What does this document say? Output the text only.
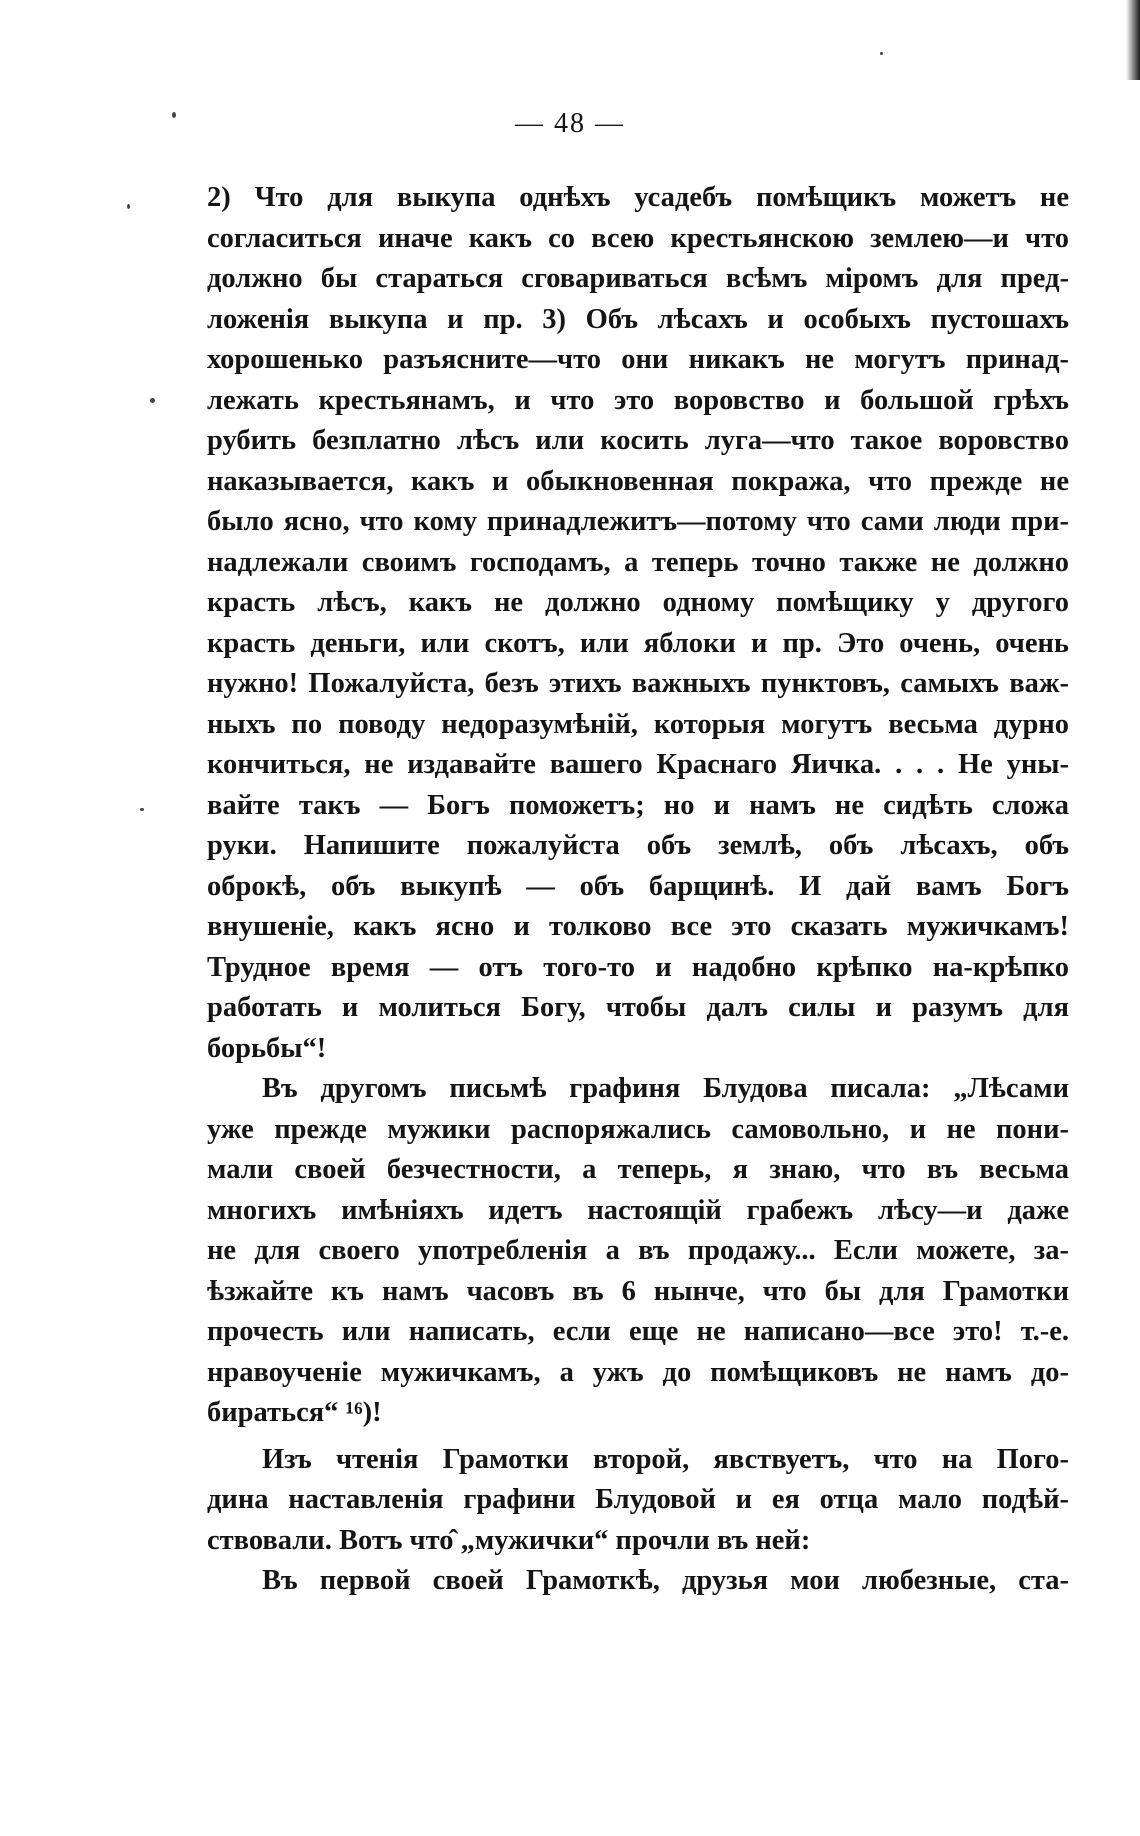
— 48 —
2) Что для выкупа однѣхъ усадебъ помѣщикъ можетъ не
согласиться иначе какъ со всею крестьянскою землею—и что
должно бы стараться сговариваться всѣмъ міромъ для пред-
ложенія выкупа и пр. 3) Объ лѣсахъ и особыхъ пустошахъ
хорошенько разъясните—что они никакъ не могутъ принад-
лежать крестьянамъ, и что это воровство и большой грѣхъ
рубить безплатно лѣсъ или косить луга—что такое воровство
наказывается, какъ и обыкновенная покража, что прежде не
было ясно, что кому принадлежитъ—потому что сами люди при-
надлежали своимъ господамъ, а теперь точно также не должно
красть лѣсъ, какъ не должно одному помѣщику у другого
красть деньги, или скотъ, или яблоки и пр. Это очень, очень
нужно! Пожалуйста, безъ этихъ важныхъ пунктовъ, самыхъ важ-
ныхъ по поводу недоразумѣній, которыя могутъ весьма дурно
кончиться, не издавайте вашего Краснаго Яичка. . . . Не уны-
вайте такъ — Богъ поможетъ; но и намъ не сидѣть сложа
руки. Напишите пожалуйста объ землѣ, объ лѣсахъ, объ
оброкѣ, объ выкупѣ — объ барщинѣ. И дай вамъ Богъ
внушеніе, какъ ясно и толково все это сказать мужичкамъ!
Трудное время — отъ того-то и надобно крѣпко на-крѣпко
работать и молиться Богу, чтобы далъ силы и разумъ для
борьбы“!
Въ другомъ письмѣ графиня Блудова писала: „Лѣсами
уже прежде мужики распоряжались самовольно, и не пони-
мали своей безчестности, а теперь, я знаю, что въ весьма
многихъ имѣніяхъ идетъ настоящій грабежъ лѣсу—и даже
не для своего употребленія а въ продажу... Если можете, за-
ѣзжайте къ намъ часовъ въ 6 нынче, что бы для Грамотки
прочесть или написать, если еще не написано—все это! т.-е.
нравоученіе мужичкамъ, а ужъ до помѣщиковъ не намъ до-
бираться“ ¹⁶)!
Изъ чтенія Грамотки второй, явствуетъ, что на Пого-
дина наставленія графини Блудовой и ея отца мало подѣй-
ствовали. Вотъ что̂ „мужички“ прочли въ ней:
Въ первой своей Грамоткѣ, друзья мои любезные, ста-
